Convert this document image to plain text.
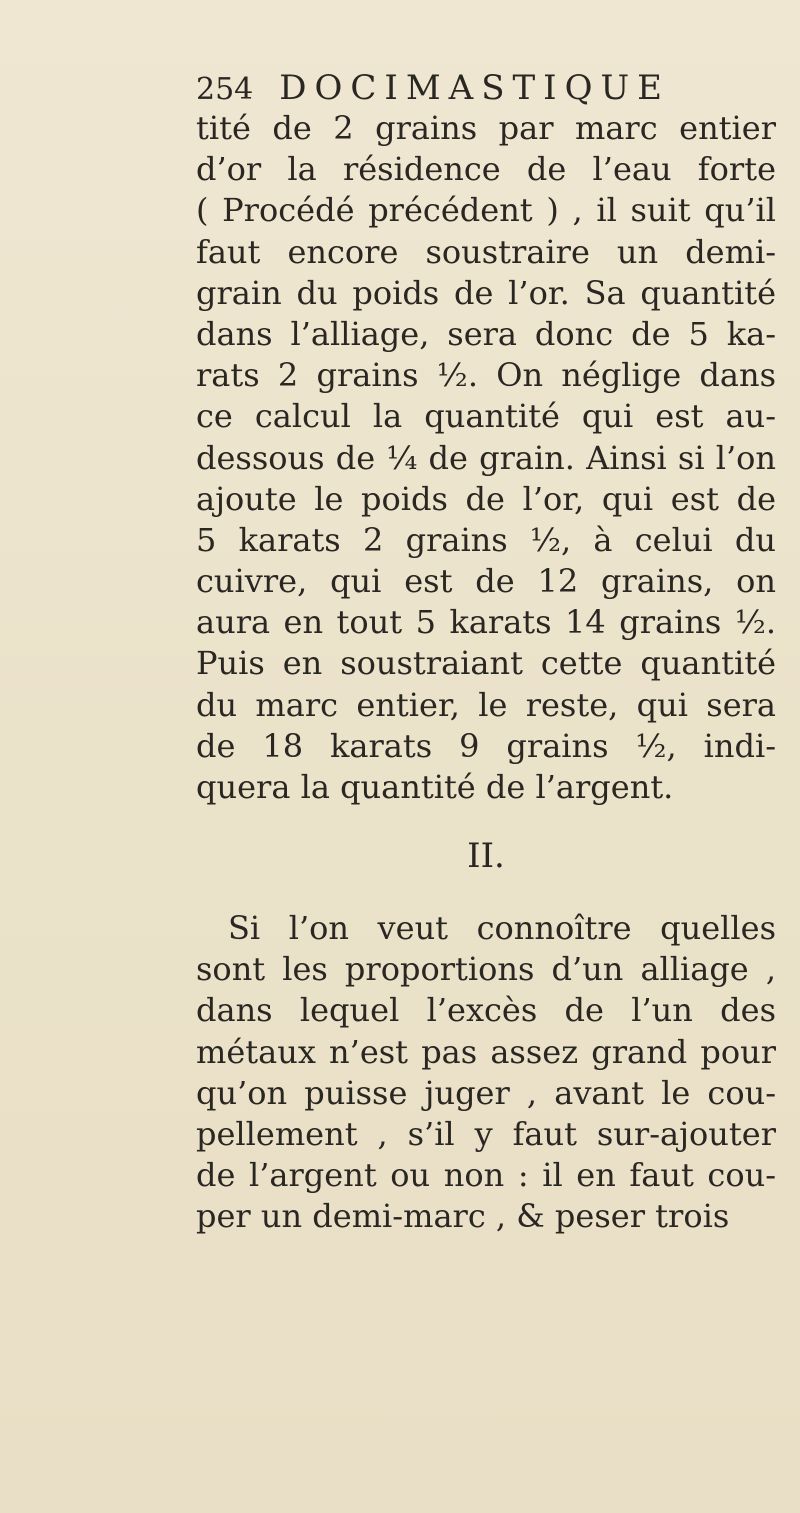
254 DOCIMASTIQUE
tité de 2 grains par marc entier
d’or la résidence de l’eau forte
( Procédé précédent ) , il suit qu’il
faut encore soustraire un demi-
grain du poids de l’or. Sa quantité
dans l’alliage, sera donc de 5 ka-
rats 2 grains ½. On néglige dans
ce calcul la quantité qui est au-
dessous de ¼ de grain. Ainsi si l’on
ajoute le poids de l’or, qui est de
5 karats 2 grains ½, à celui du
cuivre, qui est de 12 grains, on
aura en tout 5 karats 14 grains ½.
Puis en soustraiant cette quantité
du marc entier, le reste, qui sera
de 18 karats 9 grains ½, indi-
quera la quantité de l’argent.
II.
Si l’on veut connoître quelles
sont les proportions d’un alliage ,
dans lequel l’excès de l’un des
métaux n’est pas assez grand pour
qu’on puisse juger , avant le cou-
pellement , s’il y faut sur-ajouter
de l’argent ou non : il en faut cou-
per un demi-marc , & peser trois
